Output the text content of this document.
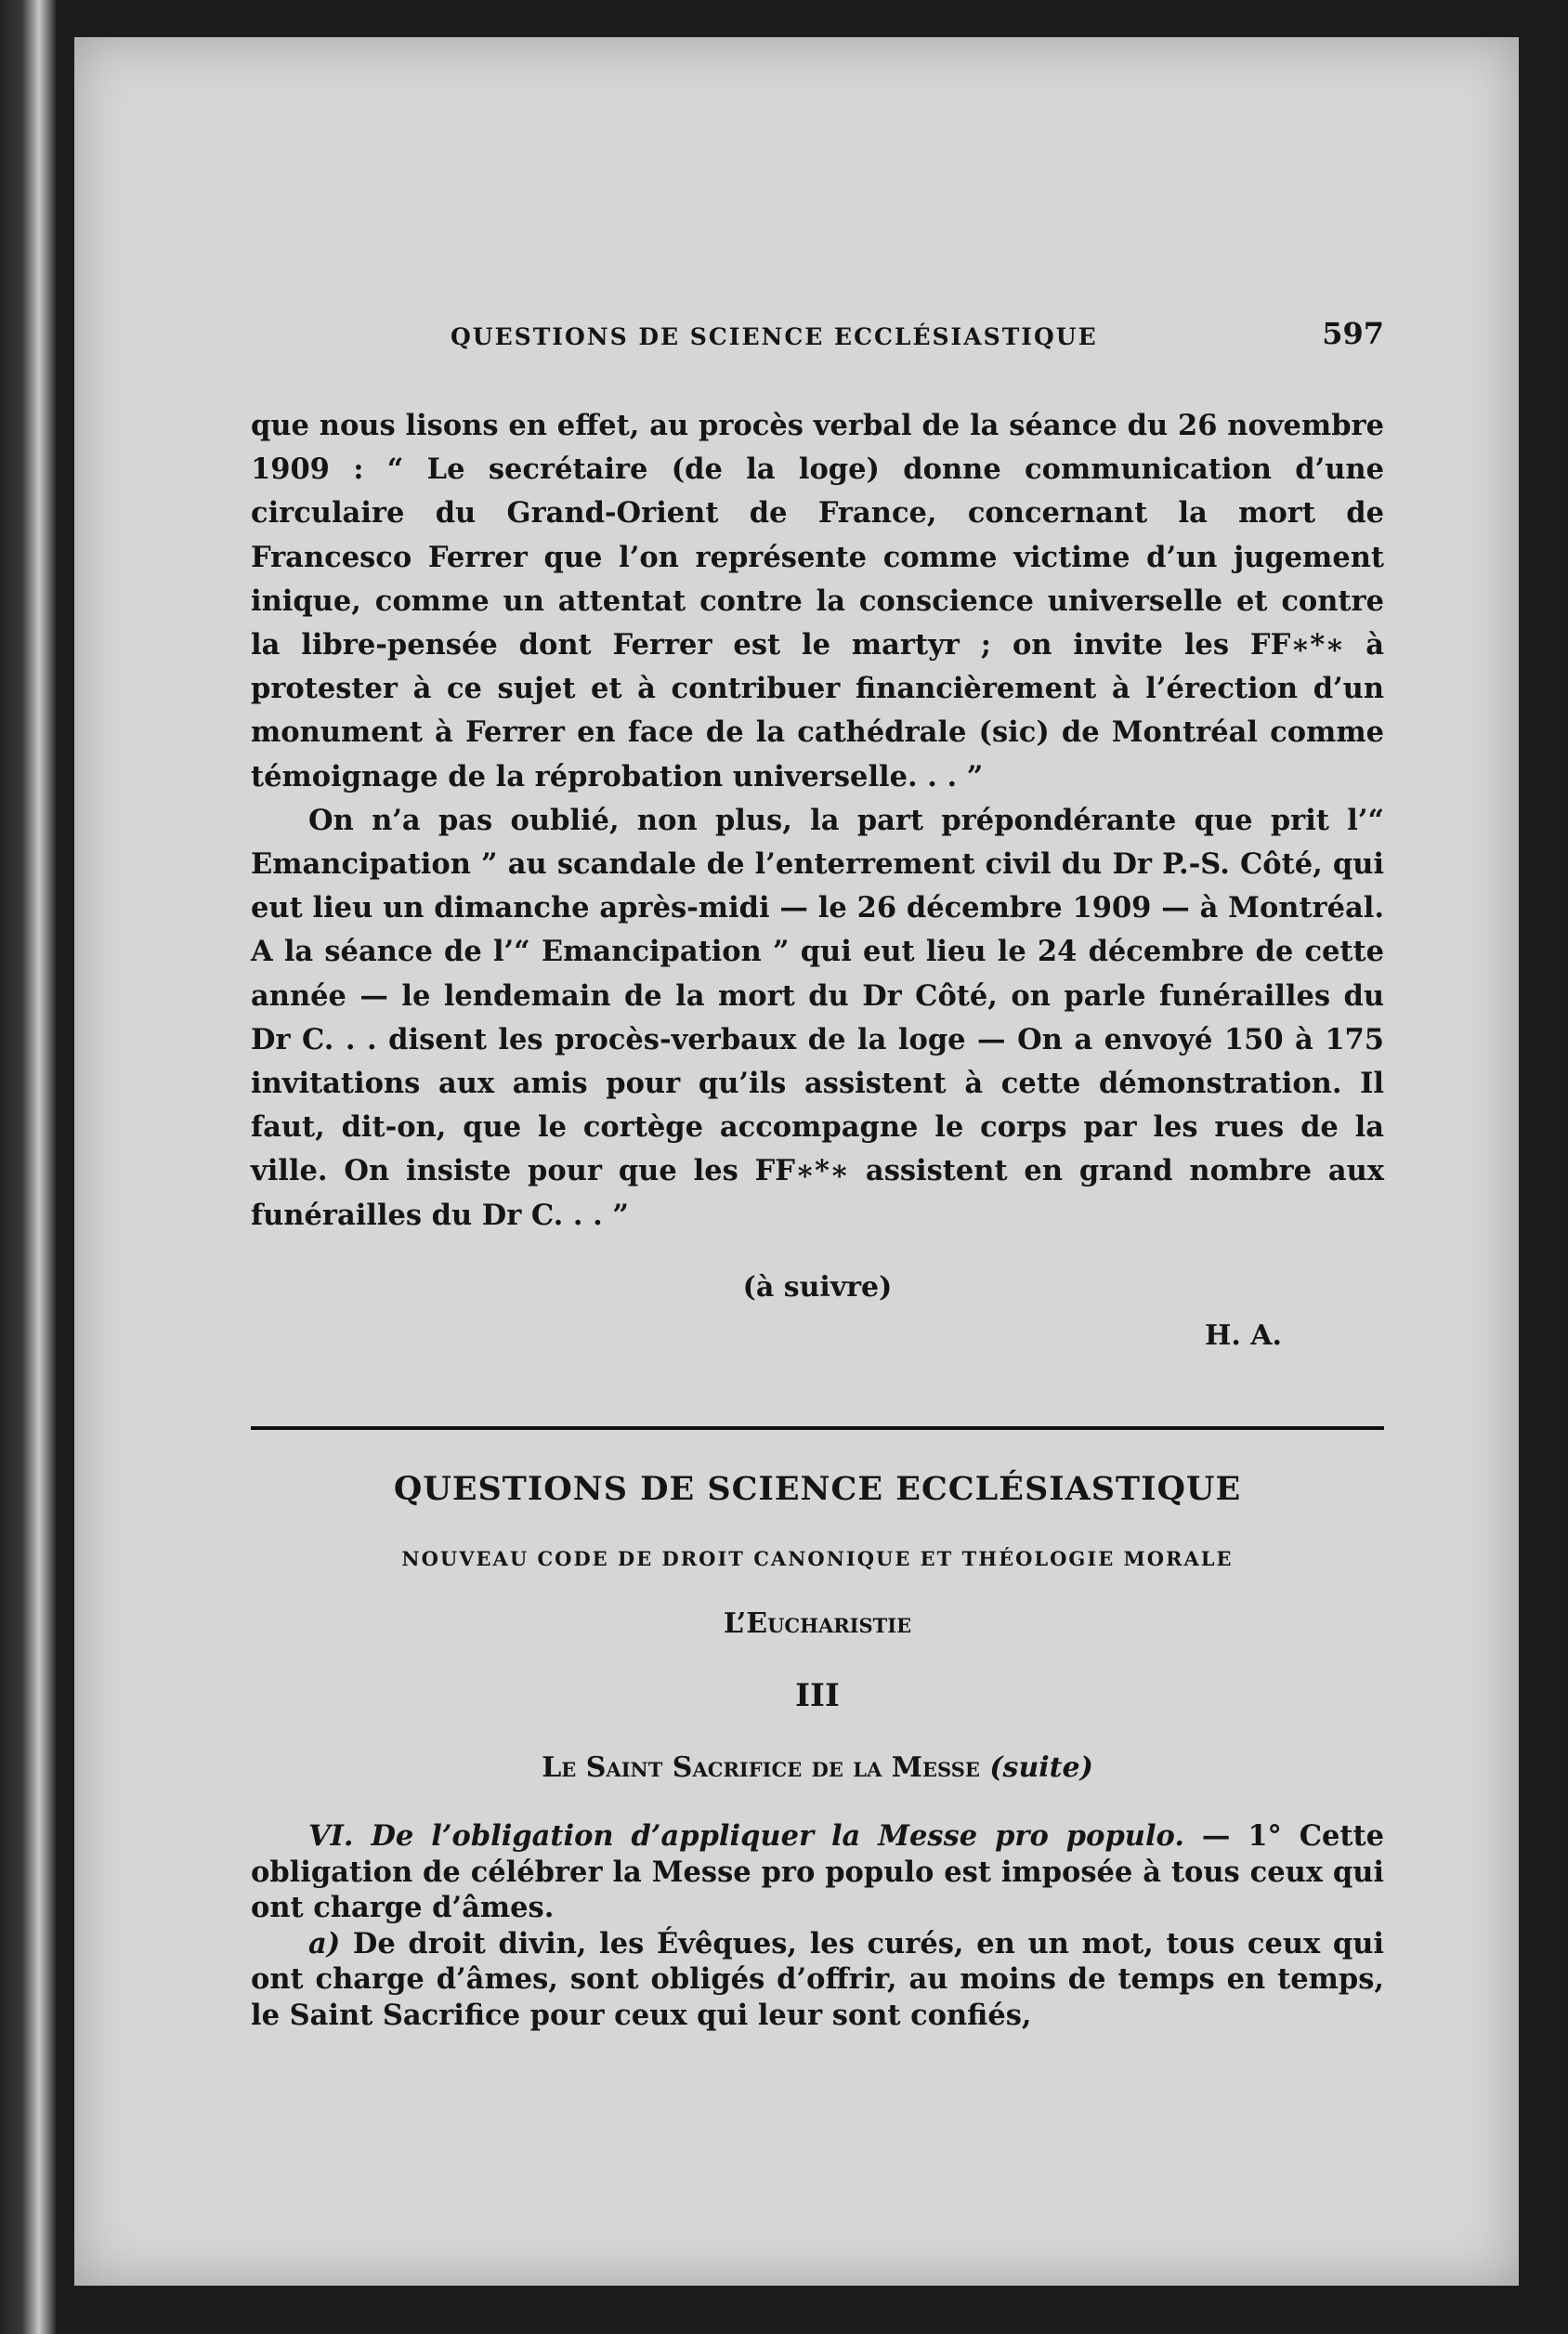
QUESTIONS DE SCIENCE ECCLÉSIASTIQUE	597

que nous lisons en effet, au procès verbal de la séance du 26 novembre 1909 : “ Le secrétaire (de la loge) donne communication d’une circulaire du Grand-Orient de France, concernant la mort de Francesco Ferrer que l’on représente comme victime d’un jugement inique, comme un attentat contre la conscience universelle et contre la libre-pensée dont Ferrer est le martyr ; on invite les FF∗*∗ à protester à ce sujet et à contribuer financièrement à l’érection d’un monument à Ferrer en face de la cathédrale (sic) de Montréal comme témoignage de la réprobation universelle. . . ”

On n’a pas oublié, non plus, la part prépondérante que prit l’“ Emancipation ” au scandale de l’enterrement civil du Dr P.-S. Côté, qui eut lieu un dimanche après-midi — le 26 décembre 1909 — à Montréal. A la séance de l’“ Emancipation ” qui eut lieu le 24 décembre de cette année — le lendemain de la mort du Dr Côté, on parle funérailles du Dr C. . . disent les procès-verbaux de la loge — On a envoyé 150 à 175 invitations aux amis pour qu’ils assistent à cette démonstration. Il faut, dit-on, que le cortège accompagne le corps par les rues de la ville. On insiste pour que les FF∗*∗ assistent en grand nombre aux funérailles du Dr C. . . ”

(à suivre)
H. A.
QUESTIONS DE SCIENCE ECCLÉSIASTIQUE
NOUVEAU CODE DE DROIT CANONIQUE ET THÉOLOGIE MORALE
L’Eucharistie
III
Le Saint Sacrifice de la Messe (suite)

VI. De l’obligation d’appliquer la Messe pro populo. — 1° Cette obligation de célébrer la Messe pro populo est imposée à tous ceux qui ont charge d’âmes.

a) De droit divin, les Évêques, les curés, en un mot, tous ceux qui ont charge d’âmes, sont obligés d’offrir, au moins de temps en temps, le Saint Sacrifice pour ceux qui leur sont confiés,
